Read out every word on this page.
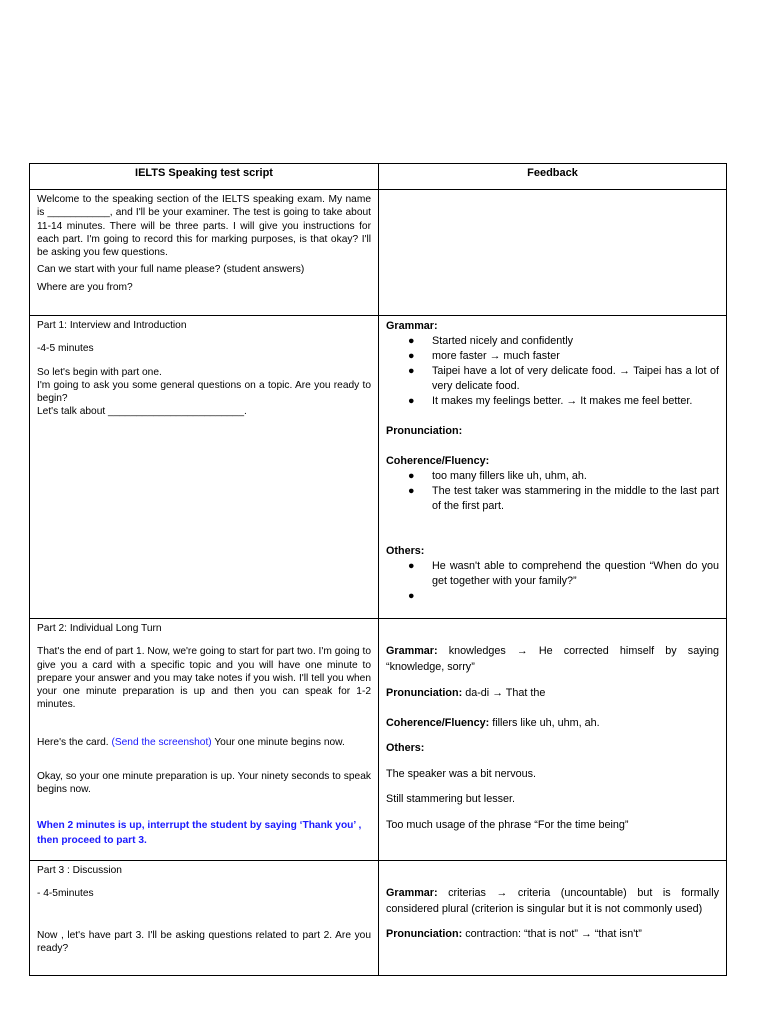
IELTS Speaking test script	Feedback

Welcome to the speaking section of the IELTS speaking exam. My name is ___________, and I'll be your examiner. The test is going to take about 11-14 minutes. There will be three parts. I will give you instructions for each part. I'm going to record this for marking purposes, is that okay? I'll be asking you few questions.

Can we start with your full name please? (student answers)

Where are you from?

Part 1: Interview and Introduction

-4-5 minutes

So let's begin with part one.

I'm going to ask you some general questions on a topic. Are you ready to begin?

Let's talk about ________________________.

Grammar:

● Started nicely and confidently
● more faster → much faster
● Taipei have a lot of very delicate food. → Taipei has a lot of very delicate food.
● It makes my feelings better. → It makes me feel better.

Pronunciation:

Coherence/Fluency:

● too many fillers like uh, uhm, ah.
● The test taker was stammering in the middle to the last part of the first part.

Others:

● He wasn't able to comprehend the question “When do you get together with your family?”
●

Part 2: Individual Long Turn

That's the end of part 1. Now, we're going to start for part two. I'm going to give you a card with a specific topic and you will have one minute to prepare your answer and you may take notes if you wish. I'll tell you when your one minute preparation is up and then you can speak for 1-2 minutes.

Here's the card. (Send the screenshot) Your one minute begins now.

Okay, so your one minute preparation is up. Your ninety seconds to speak begins now.

When 2 minutes is up, interrupt the student by saying ‘Thank you’ , then proceed to part 3.

Grammar: knowledges → He corrected himself by saying “knowledge, sorry”

Pronunciation: da-di → That the

Coherence/Fluency: fillers like uh, uhm, ah.

Others:

The speaker was a bit nervous.

Still stammering but lesser.

Too much usage of the phrase “For the time being”

Part 3 : Discussion

- 4-5minutes

Now , let's have part 3. I'll be asking questions related to part 2. Are you ready?

Grammar: criterias → criteria (uncountable) but is formally considered plural (criterion is singular but it is not commonly used)

Pronunciation: contraction: “that is not” → “that isn't”
